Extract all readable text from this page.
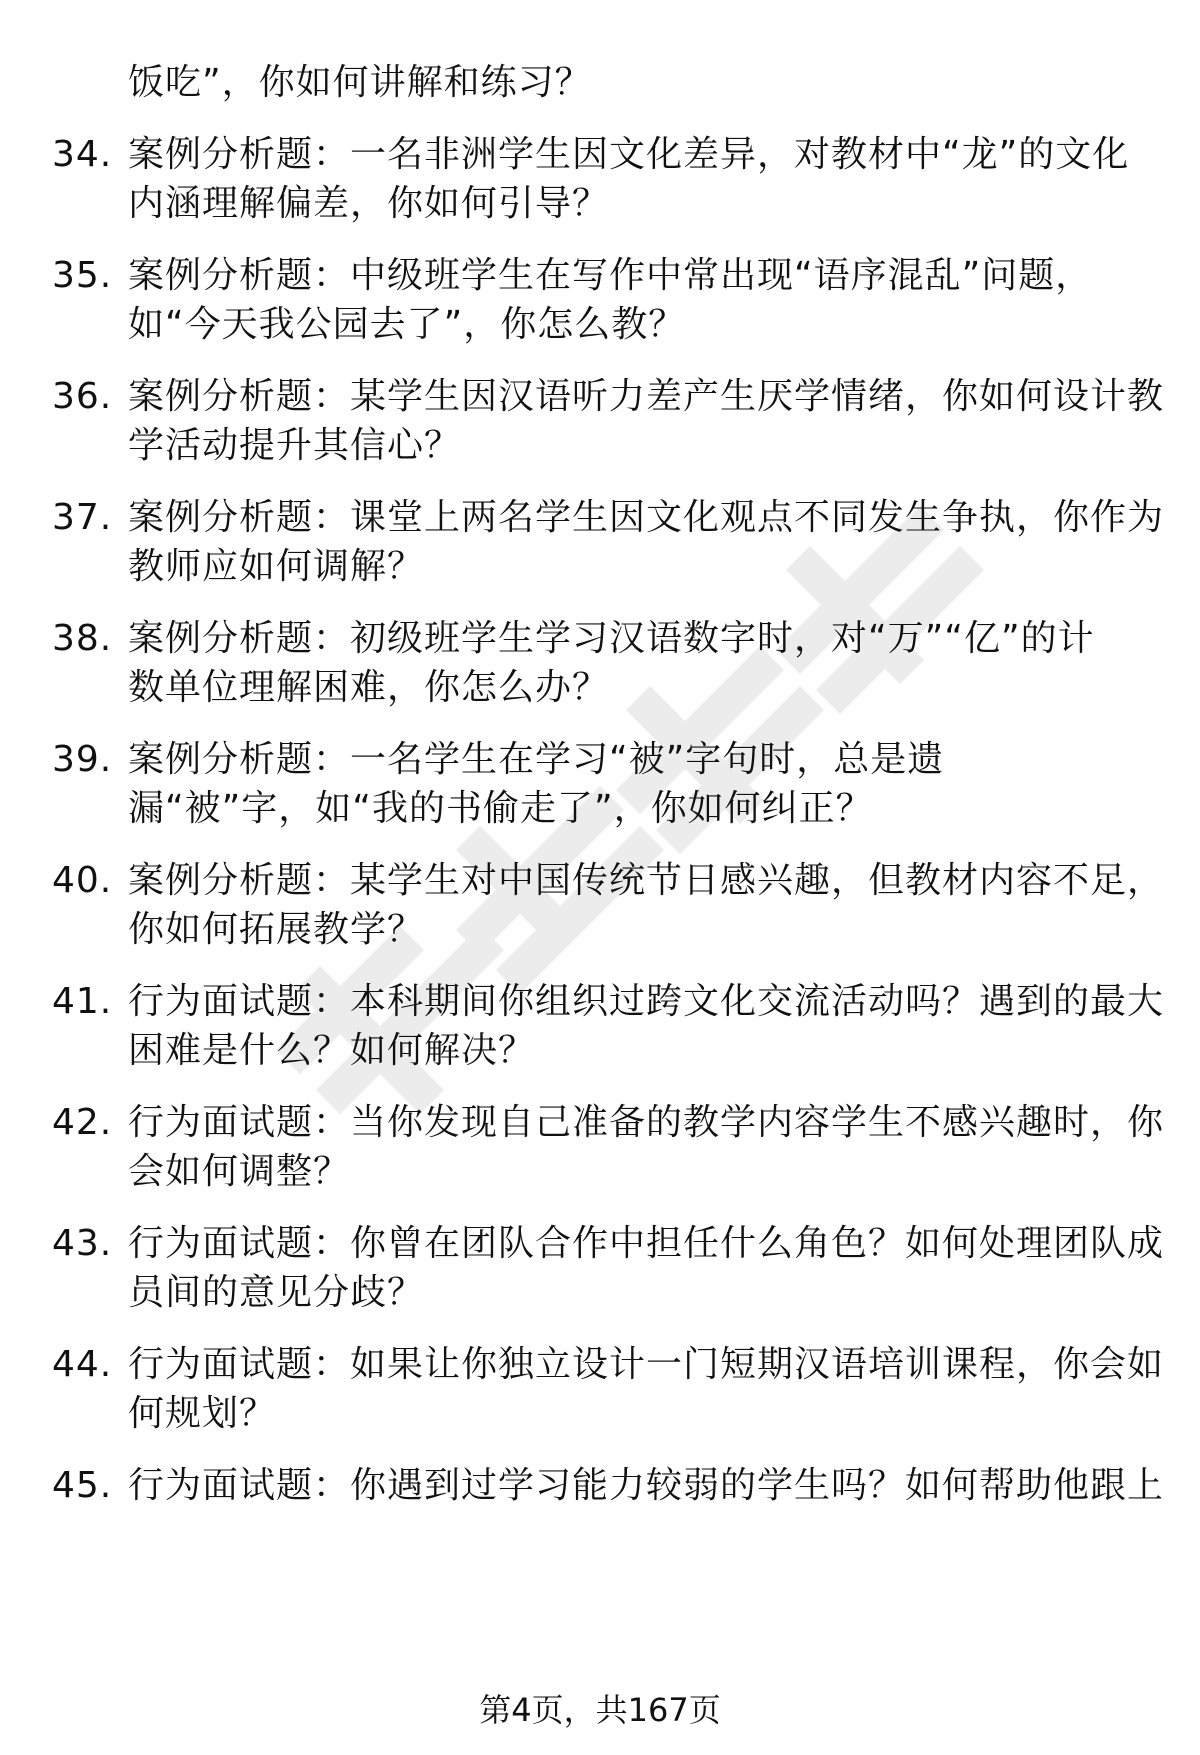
饭吃”，你如何讲解和练习？
34. 案例分析题：一名非洲学生因文化差异，对教材中“龙”的文化
内涵理解偏差，你如何引导？
35. 案例分析题：中级班学生在写作中常出现“语序混乱”问题，
如“今天我公园去了”，你怎么教？
36. 案例分析题：某学生因汉语听力差产生厌学情绪，你如何设计教
学活动提升其信心？
37. 案例分析题：课堂上两名学生因文化观点不同发生争执，你作为
教师应如何调解？
38. 案例分析题：初级班学生学习汉语数字时，对“万”“亿”的计
数单位理解困难，你怎么办？
39. 案例分析题：一名学生在学习“被”字句时，总是遗
漏“被”字，如“我的书偷走了”，你如何纠正？
40. 案例分析题：某学生对中国传统节日感兴趣，但教材内容不足，
你如何拓展教学？
41. 行为面试题：本科期间你组织过跨文化交流活动吗？遇到的最大
困难是什么？如何解决？
42. 行为面试题：当你发现自己准备的教学内容学生不感兴趣时，你
会如何调整？
43. 行为面试题：你曾在团队合作中担任什么角色？如何处理团队成
员间的意见分歧？
44. 行为面试题：如果让你独立设计一门短期汉语培训课程，你会如
何规划？
45. 行为面试题：你遇到过学习能力较弱的学生吗？如何帮助他跟上
第4页，共167页
